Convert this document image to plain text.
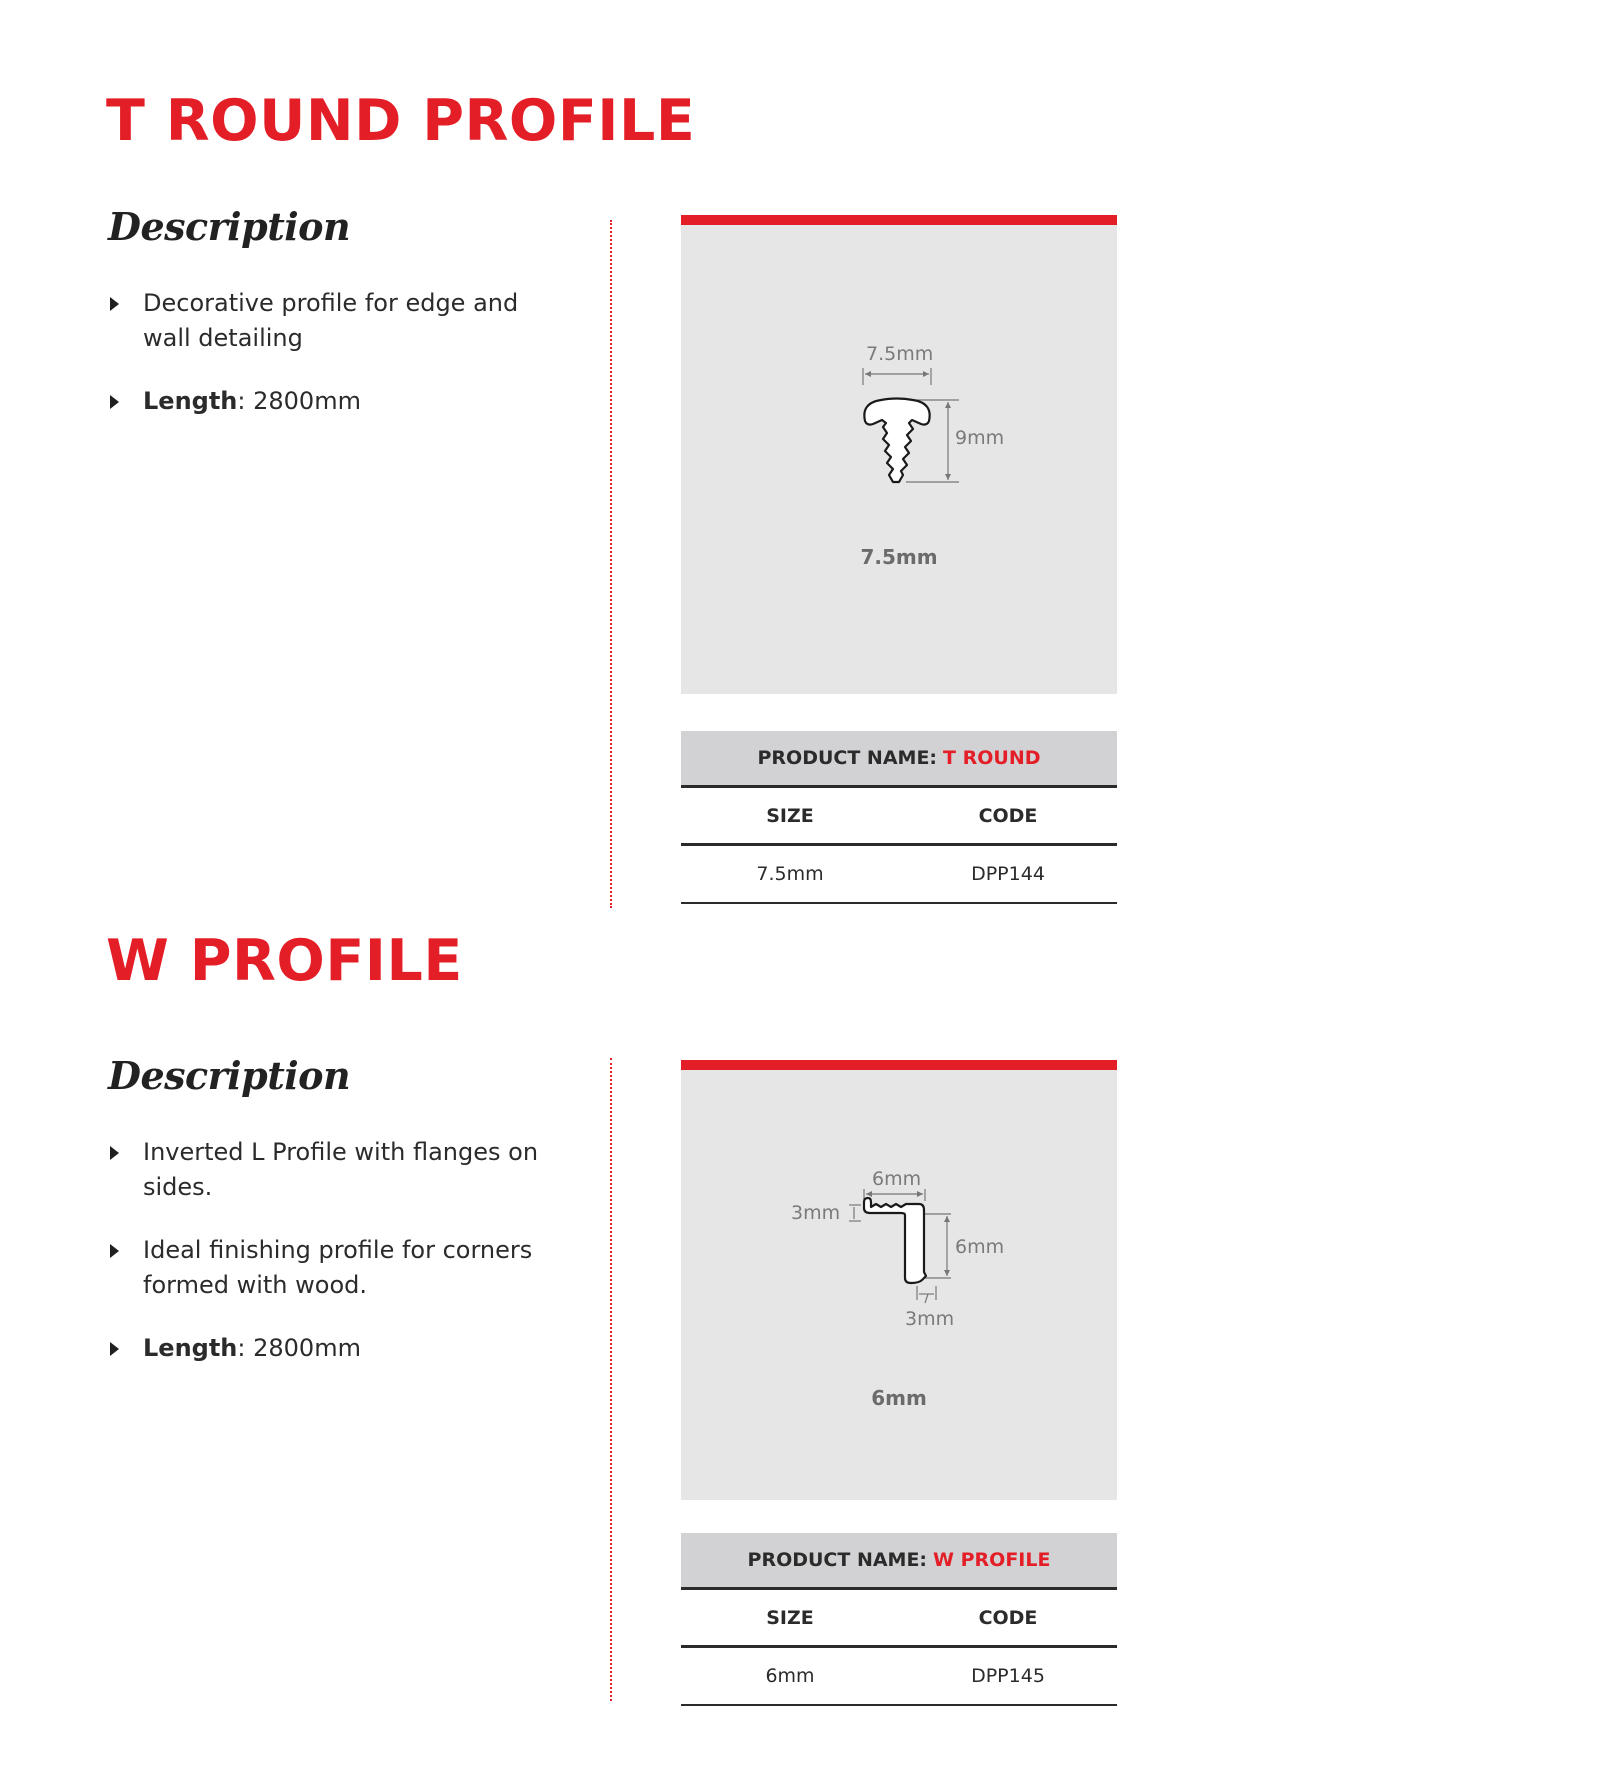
T ROUND PROFILE
Description
Decorative profile for edge and wall detailing
Length: 2800mm
7.5mm
9mm
7.5mm
PRODUCT NAME: T ROUND
SIZE	CODE
7.5mm	DPP144
W PROFILE
Description
Inverted L Profile with flanges on sides.
Ideal finishing profile for corners formed with wood.
Length: 2800mm
6mm
3mm
6mm
3mm
6mm
PRODUCT NAME: W PROFILE
SIZE	CODE
6mm	DPP145
